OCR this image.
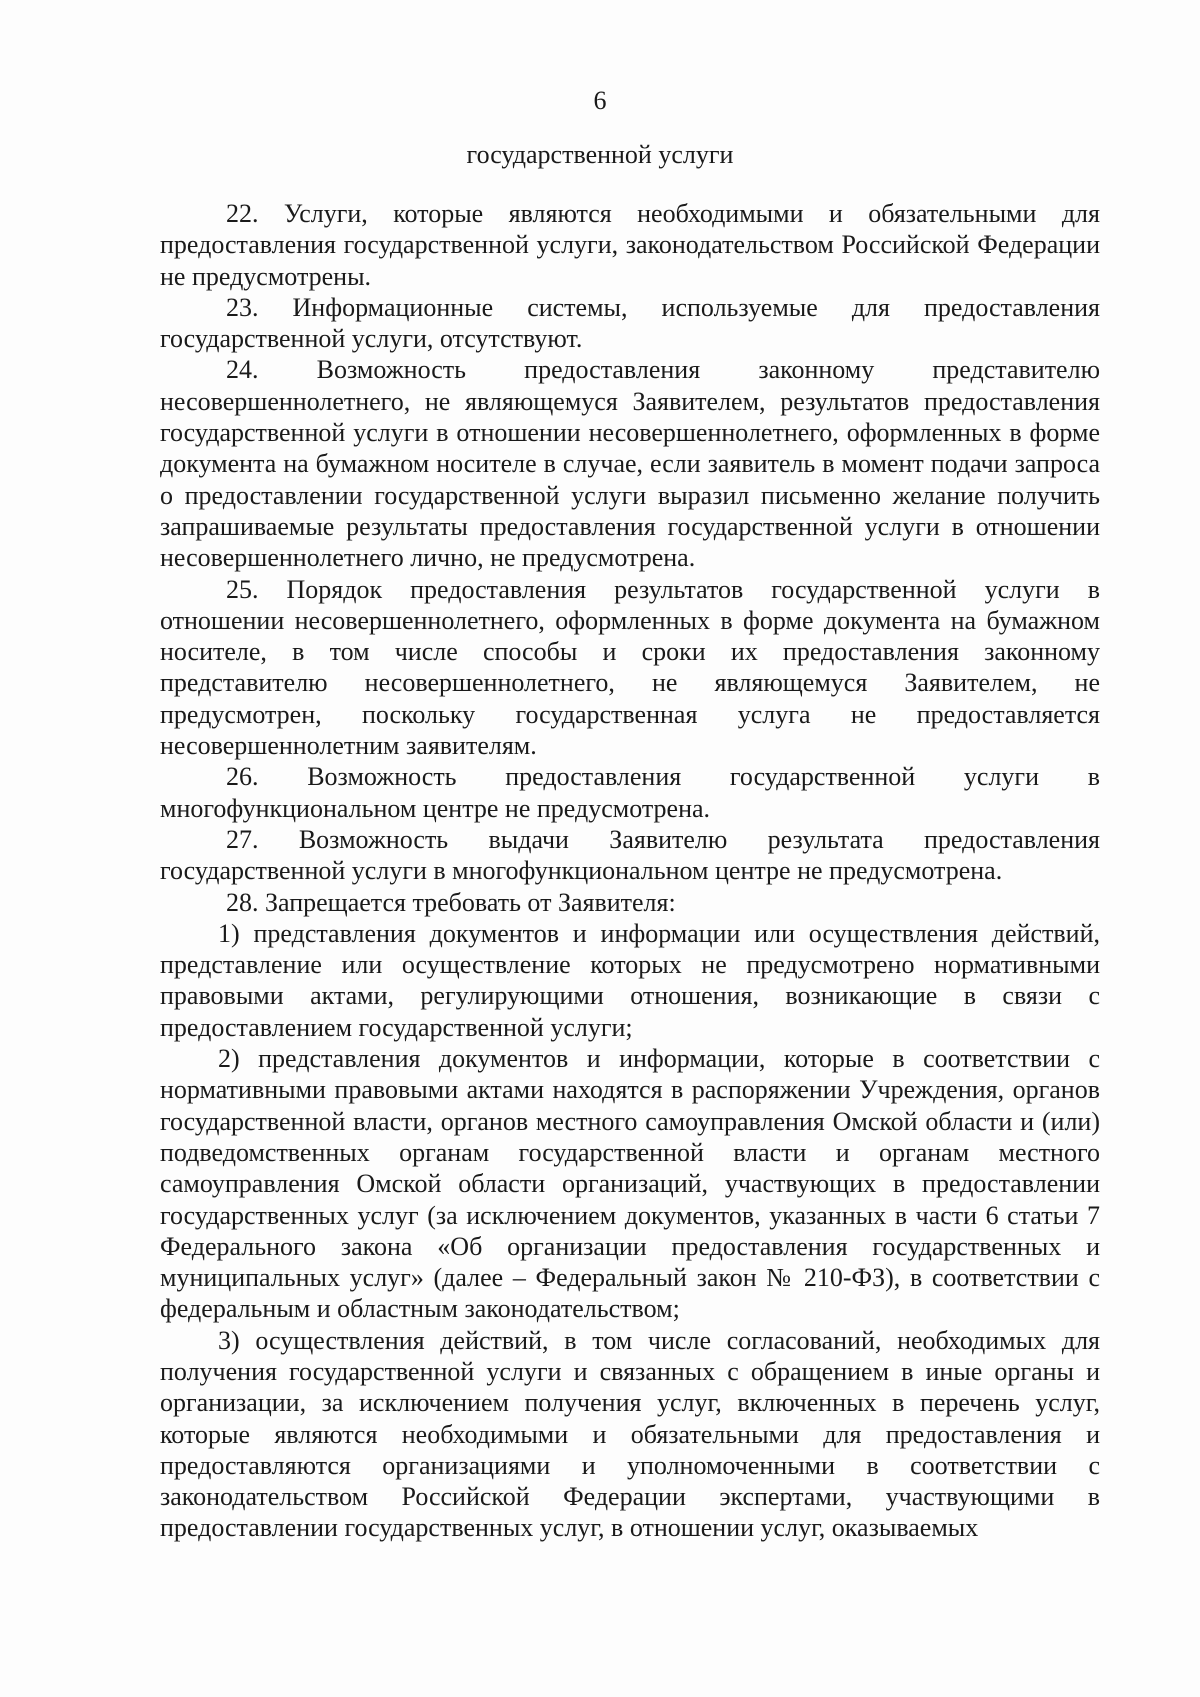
6
государственной услуги

22. Услуги, которые являются необходимыми и обязательными для предоставления государственной услуги, законодательством Российской Федерации не предусмотрены.

23. Информационные системы, используемые для предоставления государственной услуги, отсутствуют.

24. Возможность предоставления законному представителю несовершеннолетнего, не являющемуся Заявителем, результатов предоставления государственной услуги в отношении несовершеннолетнего, оформленных в форме документа на бумажном носителе в случае, если заявитель в момент подачи запроса о предоставлении государственной услуги выразил письменно желание получить запрашиваемые результаты предоставления государственной услуги в отношении несовершеннолетнего лично, не предусмотрена.

25. Порядок предоставления результатов государственной услуги в отношении несовершеннолетнего, оформленных в форме документа на бумажном носителе, в том числе способы и сроки их предоставления законному представителю несовершеннолетнего, не являющемуся Заявителем, не предусмотрен, поскольку государственная услуга не предоставляется несовершеннолетним заявителям.

26. Возможность предоставления государственной услуги в многофункциональном центре не предусмотрена.

27. Возможность выдачи Заявителю результата предоставления государственной услуги в многофункциональном центре не предусмотрена.

28. Запрещается требовать от Заявителя:

1) представления документов и информации или осуществления действий, представление или осуществление которых не предусмотрено нормативными правовыми актами, регулирующими отношения, возникающие в связи с предоставлением государственной услуги;

2) представления документов и информации, которые в соответствии с нормативными правовыми актами находятся в распоряжении Учреждения, органов государственной власти, органов местного самоуправления Омской области и (или) подведомственных органам государственной власти и органам местного самоуправления Омской области организаций, участвующих в предоставлении государственных услуг (за исключением документов, указанных в части 6 статьи 7 Федерального закона «Об организации предоставления государственных и муниципальных услуг» (далее – Федеральный закон № 210-ФЗ), в соответствии с федеральным и областным законодательством;

3) осуществления действий, в том числе согласований, необходимых для получения государственной услуги и связанных с обращением в иные органы и организации, за исключением получения услуг, включенных в перечень услуг, которые являются необходимыми и обязательными для предоставления и предоставляются организациями и уполномоченными в соответствии с законодательством Российской Федерации экспертами, участвующими в предоставлении государственных услуг, в отношении услуг, оказываемых
